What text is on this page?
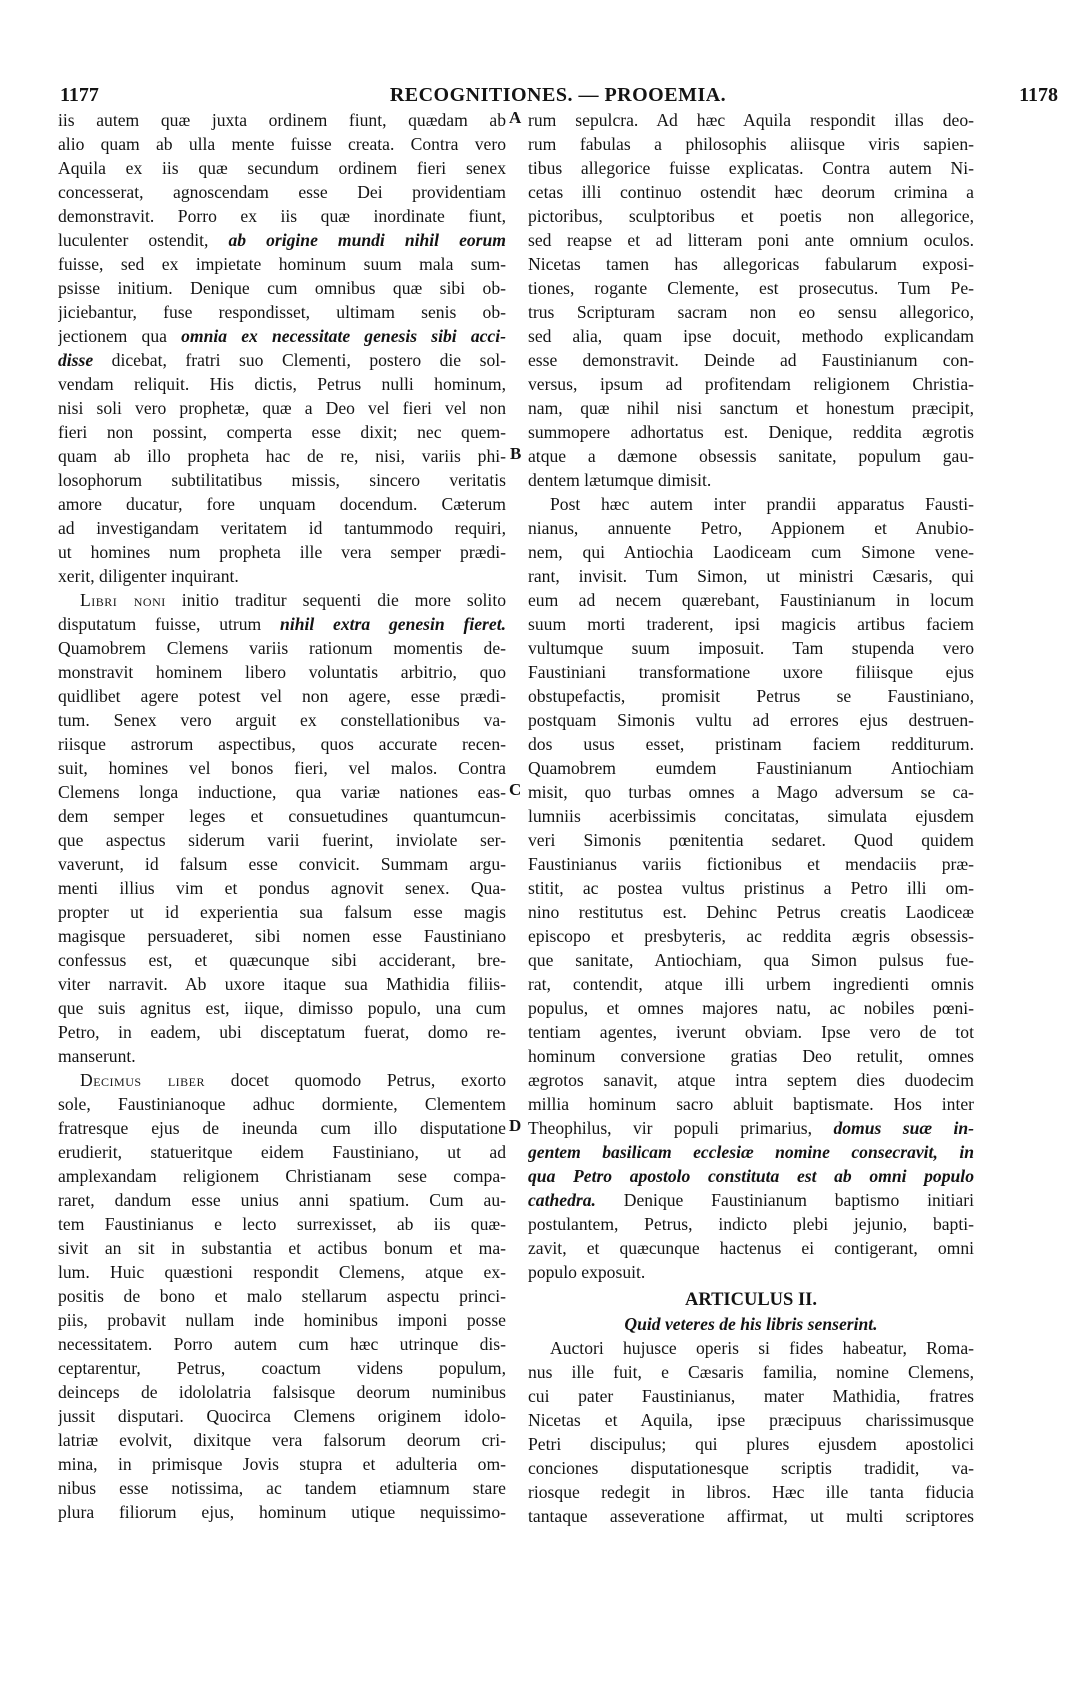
1177	RECOGNITIONES. — PROOEMIA.	1178
iis autem quæ juxta ordinem fiunt, quædam ab
alio quam ab ulla mente fuisse creata. Contra vero
Aquila ex iis quæ secundum ordinem fieri senex
concesserat, agnoscendam esse Dei providentiam
demonstravit. Porro ex iis quæ inordinate fiunt,
luculenter ostendit, ab origine mundi nihil eorum
fuisse, sed ex impietate hominum suum mala sum-
psisse initium. Denique cum omnibus quæ sibi ob-
jiciebantur, fuse respondisset, ultimam senis ob-
jectionem qua omnia ex necessitate genesis sibi acci-
disse dicebat, fratri suo Clementi, postero die sol-
vendam reliquit. His dictis, Petrus nulli hominum,
nisi soli vero prophetæ, quæ a Deo vel fieri vel non
fieri non possint, comperta esse dixit; nec quem-
quam ab illo propheta hac de re, nisi, variis phi-
losophorum subtilitatibus missis, sincero veritatis
amore ducatur, fore unquam docendum. Cæterum
ad investigandam veritatem id tantummodo requiri,
ut homines num propheta ille vera semper prædi-
xerit, diligenter inquirant.
Libri noni initio traditur sequenti die more solito
disputatum fuisse, utrum nihil extra genesin fieret.
Quamobrem Clemens variis rationum momentis de-
monstravit hominem libero voluntatis arbitrio, quo
quidlibet agere potest vel non agere, esse prædi-
tum. Senex vero arguit ex constellationibus va-
riisque astrorum aspectibus, quos accurate recen-
suit, homines vel bonos fieri, vel malos. Contra
Clemens longa inductione, qua variæ nationes eas-
dem semper leges et consuetudines quantumcun-
que aspectus siderum varii fuerint, inviolate ser-
vaverunt, id falsum esse convicit. Summam argu-
menti illius vim et pondus agnovit senex. Qua-
propter ut id experientia sua falsum esse magis
magisque persuaderet, sibi nomen esse Faustiniano
confessus est, et quæcunque sibi acciderant, bre-
viter narravit. Ab uxore itaque sua Mathidia filiis-
que suis agnitus est, iique, dimisso populo, una cum
Petro, in eadem, ubi disceptatum fuerat, domo re-
manserunt.
Decimus liber docet quomodo Petrus, exorto
sole, Faustinianoque adhuc dormiente, Clementem
fratresque ejus de ineunda cum illo disputatione
erudierit, statueritque eidem Faustiniano, ut ad
amplexandam religionem Christianam sese compa-
raret, dandum esse unius anni spatium. Cum au-
tem Faustinianus e lecto surrexisset, ab iis quæ-
sivit an sit in substantia et actibus bonum et ma-
lum. Huic quæstioni respondit Clemens, atque ex-
positis de bono et malo stellarum aspectu princi-
piis, probavit nullam inde hominibus imponi posse
necessitatem. Porro autem cum hæc utrinque dis-
ceptarentur, Petrus, coactum videns populum,
deinceps de idololatria falsisque deorum numinibus
jussit disputari. Quocirca Clemens originem idolo-
latriæ evolvit, dixitque vera falsorum deorum cri-
mina, in primisque Jovis stupra et adulteria om-
nibus esse notissima, ac tandem etiamnum stare
plura filiorum ejus, hominum utique nequissimo-
rum sepulcra. Ad hæc Aquila respondit illas deo-
rum fabulas a philosophis aliisque viris sapien-
tibus allegorice fuisse explicatas. Contra autem Ni-
cetas illi continuo ostendit hæc deorum crimina a
pictoribus, sculptoribus et poetis non allegorice,
sed reapse et ad litteram poni ante omnium oculos.
Nicetas tamen has allegoricas fabularum exposi-
tiones, rogante Clemente, est prosecutus. Tum Pe-
trus Scripturam sacram non eo sensu allegorico,
sed alia, quam ipse docuit, methodo explicandam
esse demonstravit. Deinde ad Faustinianum con-
versus, ipsum ad profitendam religionem Christia-
nam, quæ nihil nisi sanctum et honestum præcipit,
summopere adhortatus est. Denique, reddita ægrotis
atque a dæmone obsessis sanitate, populum gau-
dentem lætumque dimisit.
Post hæc autem inter prandii apparatus Fausti-
nianus, annuente Petro, Appionem et Anubio-
nem, qui Antiochia Laodiceam cum Simone vene-
rant, invisit. Tum Simon, ut ministri Cæsaris, qui
eum ad necem quærebant, Faustinianum in locum
suum morti traderent, ipsi magicis artibus faciem
vultumque suum imposuit. Tam stupenda vero
Faustiniani transformatione uxore filiisque ejus
obstupefactis, promisit Petrus se Faustiniano,
postquam Simonis vultu ad errores ejus destruen-
dos usus esset, pristinam faciem redditurum.
Quamobrem eumdem Faustinianum Antiochiam
misit, quo turbas omnes a Mago adversum se ca-
lumniis acerbissimis concitatas, simulata ejusdem
veri Simonis pœnitentia sedaret. Quod quidem
Faustinianus variis fictionibus et mendaciis præ-
stitit, ac postea vultus pristinus a Petro illi om-
nino restitutus est. Dehinc Petrus creatis Laodiceæ
episcopo et presbyteris, ac reddita ægris obsessis-
que sanitate, Antiochiam, qua Simon pulsus fue-
rat, contendit, atque illi urbem ingredienti omnis
populus, et omnes majores natu, ac nobiles pœni-
tentiam agentes, iverunt obviam. Ipse vero de tot
hominum conversione gratias Deo retulit, omnes
ægrotos sanavit, atque intra septem dies duodecim
millia hominum sacro abluit baptismate. Hos inter
Theophilus, vir populi primarius, domus suæ in-
gentem basilicam ecclesiæ nomine consecravit, in
qua Petro apostolo constituta est ab omni populo
cathedra. Denique Faustinianum baptismo initiari
postulantem, Petrus, indicto plebi jejunio, bapti-
zavit, et quæcunque hactenus ei contigerant, omni
populo exposuit.
ARTICULUS II.
Quid veteres de his libris senserint.
Auctori hujusce operis si fides habeatur, Roma-
nus ille fuit, e Cæsaris familia, nomine Clemens,
cui pater Faustinianus, mater Mathidia, fratres
Nicetas et Aquila, ipse præcipuus charissimusque
Petri discipulus; qui plures ejusdem apostolici
conciones disputationesque scriptis tradidit, va-
riosque redegit in libros. Hæc ille tanta fiducia
tantaque asseveratione affirmat, ut multi scriptores
A
B
C
D
